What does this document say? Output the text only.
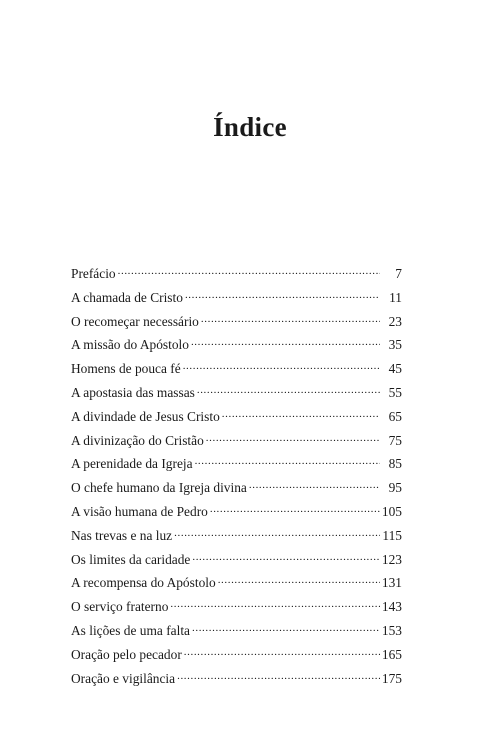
Índice
Prefácio .....	7
A chamada de Cristo .....	11
O recomeçar necessário .....	23
A missão do Apóstolo .....	35
Homens de pouca fé .....	45
A apostasia das massas .....	55
A divindade de Jesus Cristo .....	65
A divinização do Cristão .....	75
A perenidade da Igreja .....	85
O chefe humano da Igreja divina .....	95
A visão humana de Pedro .....	105
Nas trevas e na luz .....	115
Os limites da caridade .....	123
A recompensa do Apóstolo .....	131
O serviço fraterno .....	143
As lições de uma falta .....	153
Oração pelo pecador .....	165
Oração e vigilância .....	175
